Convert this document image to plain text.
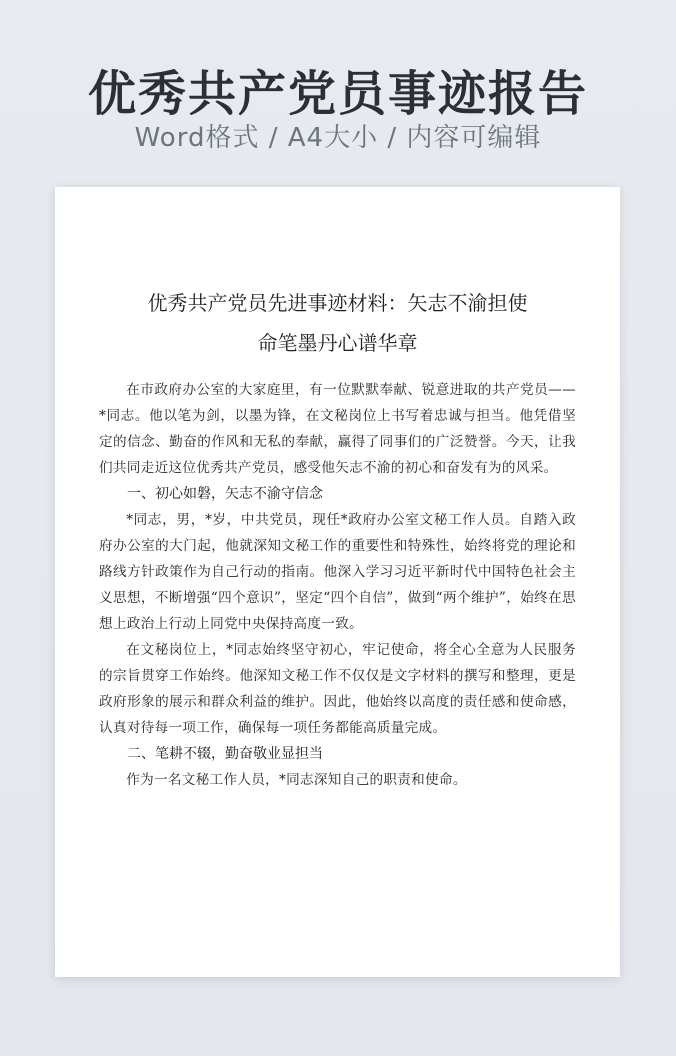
优秀共产党员事迹报告

Word格式 / A4大小 / 内容可编辑

优秀共产党员先进事迹材料：矢志不渝担使
命笔墨丹心谱华章

在市政府办公室的大家庭里，有一位默默奉献、锐意进取的共产党员——*同志。他以笔为剑，以墨为锋，在文秘岗位上书写着忠诚与担当。他凭借坚定的信念、勤奋的作风和无私的奉献，赢得了同事们的广泛赞誉。今天，让我们共同走近这位优秀共产党员，感受他矢志不渝的初心和奋发有为的风采。

一、初心如磐，矢志不渝守信念

*同志，男，*岁，中共党员，现任*政府办公室文秘工作人员。自踏入政府办公室的大门起，他就深知文秘工作的重要性和特殊性，始终将党的理论和路线方针政策作为自己行动的指南。他深入学习习近平新时代中国特色社会主义思想，不断增强“四个意识”，坚定“四个自信”，做到“两个维护”，始终在思想上政治上行动上同党中央保持高度一致。

在文秘岗位上，*同志始终坚守初心，牢记使命，将全心全意为人民服务的宗旨贯穿工作始终。他深知文秘工作不仅仅是文字材料的撰写和整理，更是政府形象的展示和群众利益的维护。因此，他始终以高度的责任感和使命感，认真对待每一项工作，确保每一项任务都能高质量完成。

二、笔耕不辍，勤奋敬业显担当

作为一名文秘工作人员，*同志深知自己的职责和使命。
